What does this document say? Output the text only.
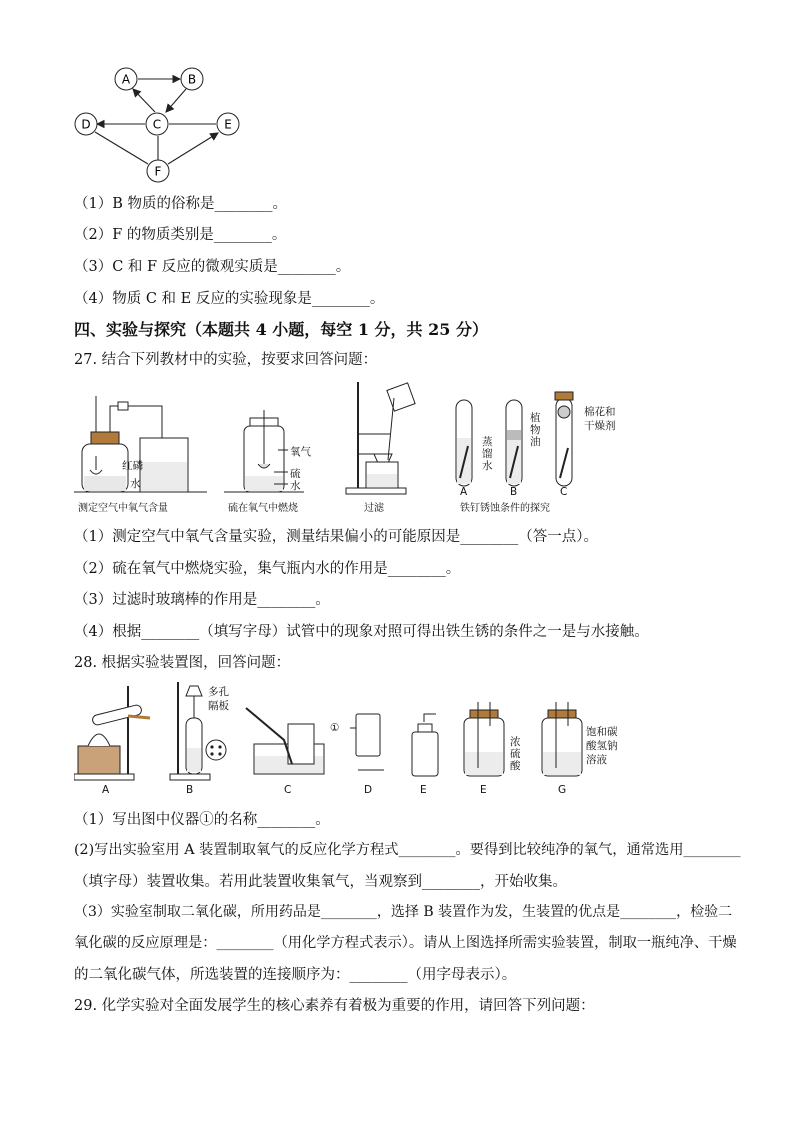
A	B
C
D	E
F
（1）B 物质的俗称是________。
（2）F 的物质类别是________。
（3）C 和 F 反应的微观实质是________。
（4）物质 C 和 E 反应的实验现象是________。
四、实验与探究（本题共 4 小题，每空 1 分，共 25 分）
27. 结合下列教材中的实验，按要求回答问题：
红磷
水
氧气
硫
水
蒸馏水
植物油
棉花和
干燥剂
A	B	C
测定空气中氧气含量	硫在氧气中燃烧	过滤	铁钉锈蚀条件的探究
（1）测定空气中氧气含量实验，测量结果偏小的可能原因是________（答一点）。
（2）硫在氧气中燃烧实验，集气瓶内水的作用是________。
（3）过滤时玻璃棒的作用是________。
（4）根据________（填写字母）试管中的现象对照可得出铁生锈的条件之一是与水接触。
28. 根据实验装置图，回答问题：
多孔
隔板
①
浓硫酸
饱和碳
酸氢钠
溶液
A	B	C	D	E	E	G
（1）写出图中仪器①的名称________。
(2)写出实验室用 A 装置制取氧气的反应化学方程式________。要得到比较纯净的氧气，通常选用________
（填字母）装置收集。若用此装置收集氧气，当观察到________，开始收集。
（3）实验室制取二氧化碳，所用药品是________，选择 B 装置作为发，生装置的优点是________，检验二
氧化碳的反应原理是：________（用化学方程式表示）。请从上图选择所需实验装置，制取一瓶纯净、干燥
的二氧化碳气体，所选装置的连接顺序为：________（用字母表示）。
29. 化学实验对全面发展学生的核心素养有着极为重要的作用，请回答下列问题：
